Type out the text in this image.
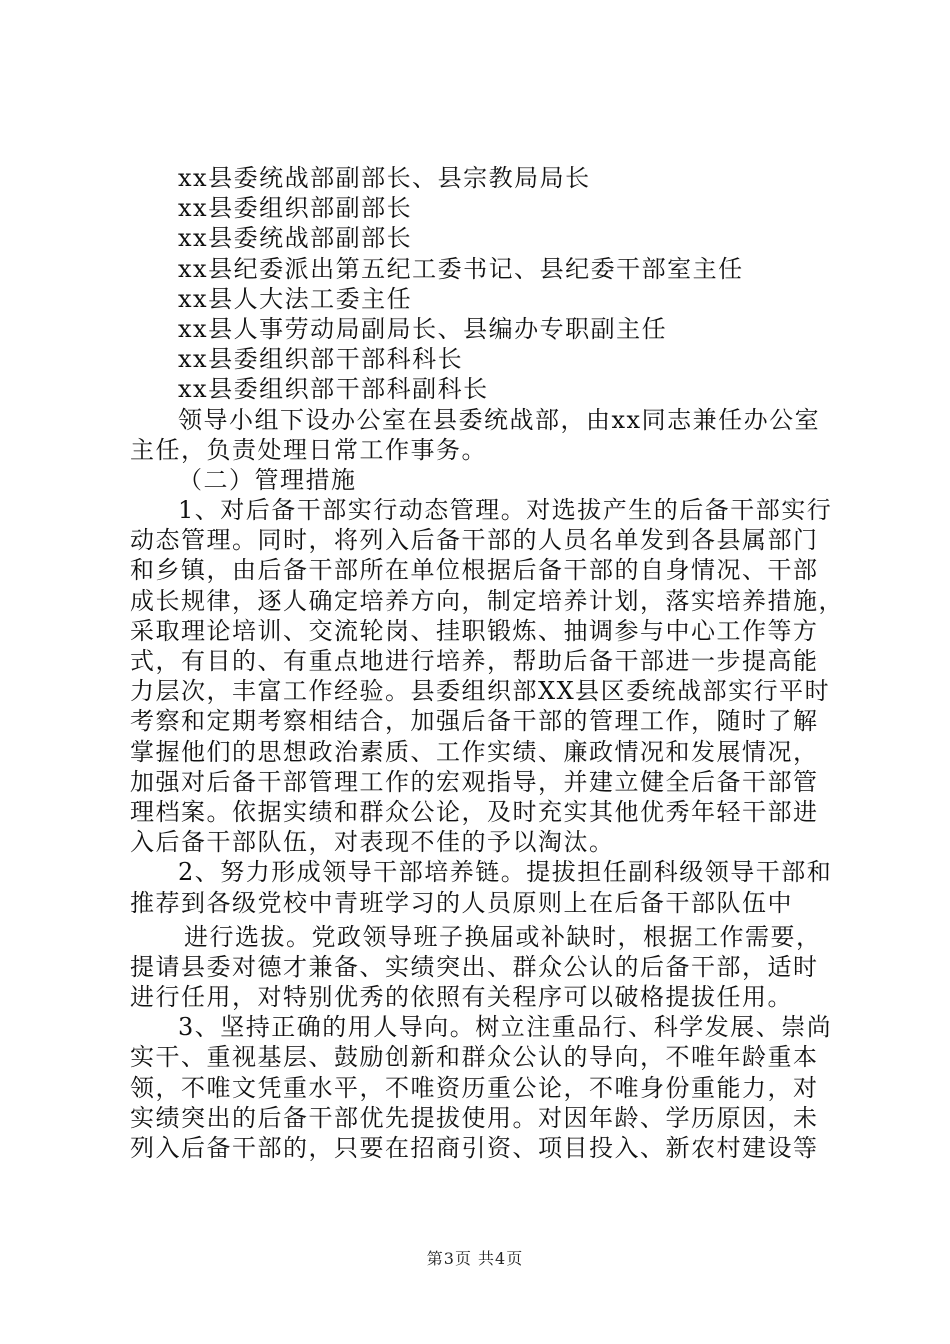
xx县委统战部副部长、县宗教局局长
xx县委组织部副部长
xx县委统战部副部长
xx县纪委派出第五纪工委书记、县纪委干部室主任
xx县人大法工委主任
xx县人事劳动局副局长、县编办专职副主任
xx县委组织部干部科科长
xx县委组织部干部科副科长
领导小组下设办公室在县委统战部，由xx同志兼任办公室
主任，负责处理日常工作事务。
（二）管理措施
1、对后备干部实行动态管理。对选拔产生的后备干部实行
动态管理。同时，将列入后备干部的人员名单发到各县属部门
和乡镇，由后备干部所在单位根据后备干部的自身情况、干部
成长规律，逐人确定培养方向，制定培养计划，落实培养措施，
采取理论培训、交流轮岗、挂职锻炼、抽调参与中心工作等方
式，有目的、有重点地进行培养，帮助后备干部进一步提高能
力层次，丰富工作经验。县委组织部XX县区委统战部实行平时
考察和定期考察相结合，加强后备干部的管理工作，随时了解
掌握他们的思想政治素质、工作实绩、廉政情况和发展情况，
加强对后备干部管理工作的宏观指导，并建立健全后备干部管
理档案。依据实绩和群众公论，及时充实其他优秀年轻干部进
入后备干部队伍，对表现不佳的予以淘汰。
2、努力形成领导干部培养链。提拔担任副科级领导干部和
推荐到各级党校中青班学习的人员原则上在后备干部队伍中
进行选拔。党政领导班子换届或补缺时，根据工作需要，
提请县委对德才兼备、实绩突出、群众公认的后备干部，适时
进行任用，对特别优秀的依照有关程序可以破格提拔任用。
3、坚持正确的用人导向。树立注重品行、科学发展、崇尚
实干、重视基层、鼓励创新和群众公认的导向，不唯年龄重本
领，不唯文凭重水平，不唯资历重公论，不唯身份重能力，对
实绩突出的后备干部优先提拔使用。对因年龄、学历原因，未
列入后备干部的，只要在招商引资、项目投入、新农村建设等
第3页 共4页
